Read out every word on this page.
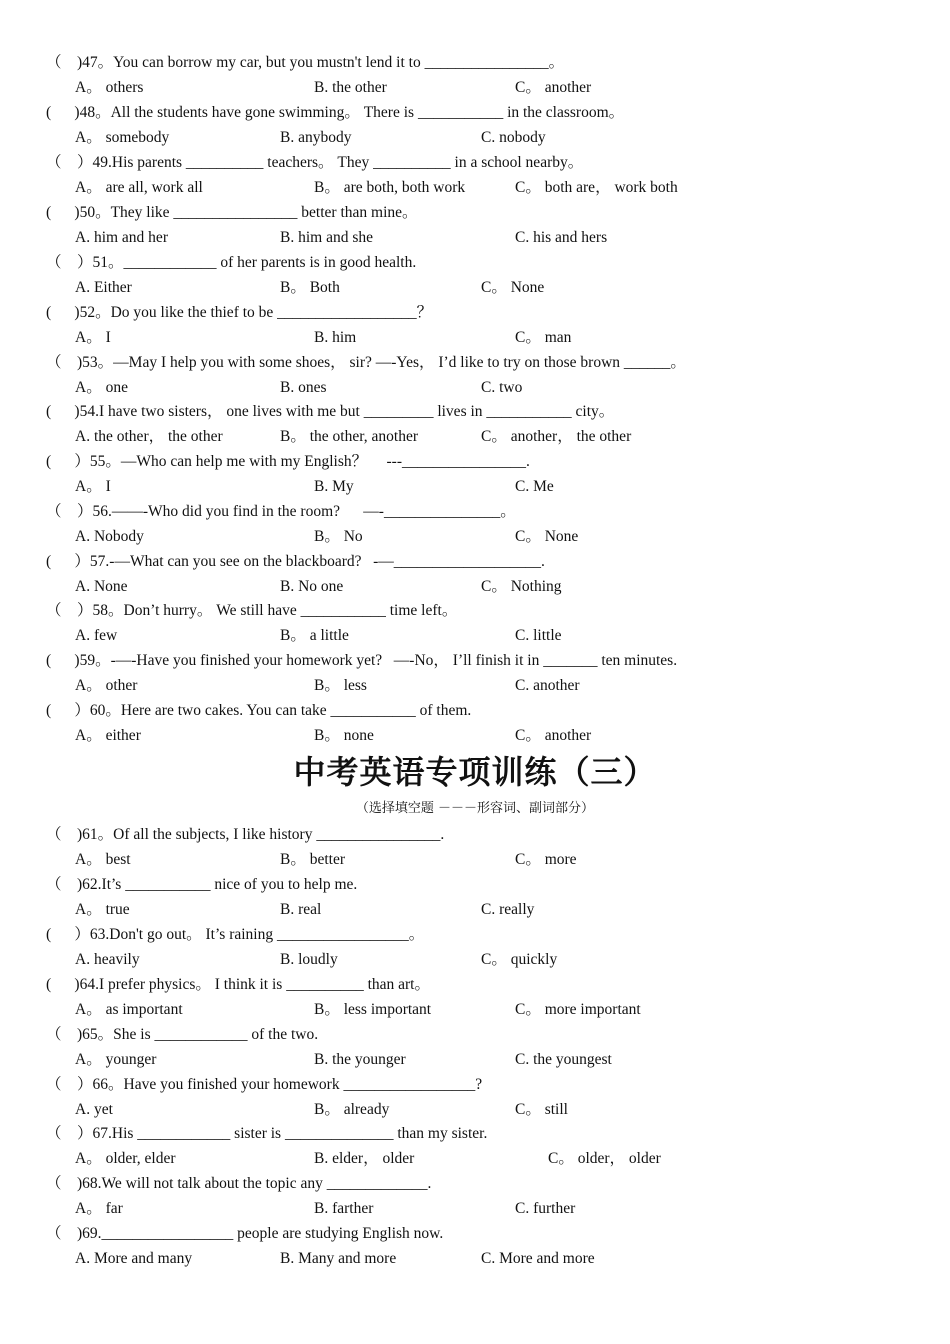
（    )47。You can borrow my car, but you mustn't lend it to ________________。
A。 others	B. the other	C。 another
(      )48。All the students have gone swimming。 There is ___________ in the classroom。
A。 somebody	B. anybody	C. nobody
（    ）49.His parents __________ teachers。 They __________ in a school nearby。
A。 are all, work all	B。 are both, both work	C。 both are， work both
(      )50。They like ________________ better than mine。
A. him and her	B. him and she	C. his and hers
（    ）51。____________ of her parents is in good health.
A. Either	B。 Both	C。 None
(      )52。Do you like the thief to be __________________？
A。 I	B. him	C。 man
（    )53。—May I help you with some shoes， sir? —-Yes， I’d like to try on those brown ______。
A。 one	B. ones	C. two
(      )54.I have two sisters， one lives with me but _________ lives in ___________ city。
A. the other， the other	B。 the other, another	C。 another， the other
(      ）55。—Who can help me with my English？     ---________________.
A。 I	B. My	C. Me
（    ）56.——-Who did you find in the room?      —-_______________。
A. Nobody	B。 No	C。 None
(      ）57.-—What can you see on the blackboard?   -—___________________.
A. None	B. No one	C。 Nothing
（    ）58。Don’t hurry。 We still have ___________ time left。
A. few	B。 a little	C. little
(      )59。-—-Have you finished your homework yet?   —-No， I’ll finish it in _______ ten minutes.
A。 other	B。 less	C. another
(      ）60。Here are two cakes. You can take ___________ of them.
A。 either	B。 none	C。 another
（    )61。Of all the subjects, I like history ________________.
A。 best	B。 better	C。 more
（    )62.It’s ___________ nice of you to help me.
A。 true	B. real	C. really
(      ）63.Don't go out。 It’s raining _________________。
A. heavily	B. loudly	C。 quickly
(      )64.I prefer physics。 I think it is __________ than art。
A。 as important	B。 less important	C。 more important
（    )65。She is ____________ of the two.
A。 younger	B. the younger	C. the youngest
（    ）66。Have you finished your homework _________________?
A. yet	B。 already	C。 still
（    ）67.His ____________ sister is ______________ than my sister.
A。 older, elder	B. elder， older	C。 older， older
（    )68.We will not talk about the topic any _____________.
A。 far	B. farther	C. further
（    )69._________________ people are studying English now.
A. More and many	B. Many and more	C. More and more
中考英语专项训练（三）
（选择填空题 －－－形容词、副词部分）
